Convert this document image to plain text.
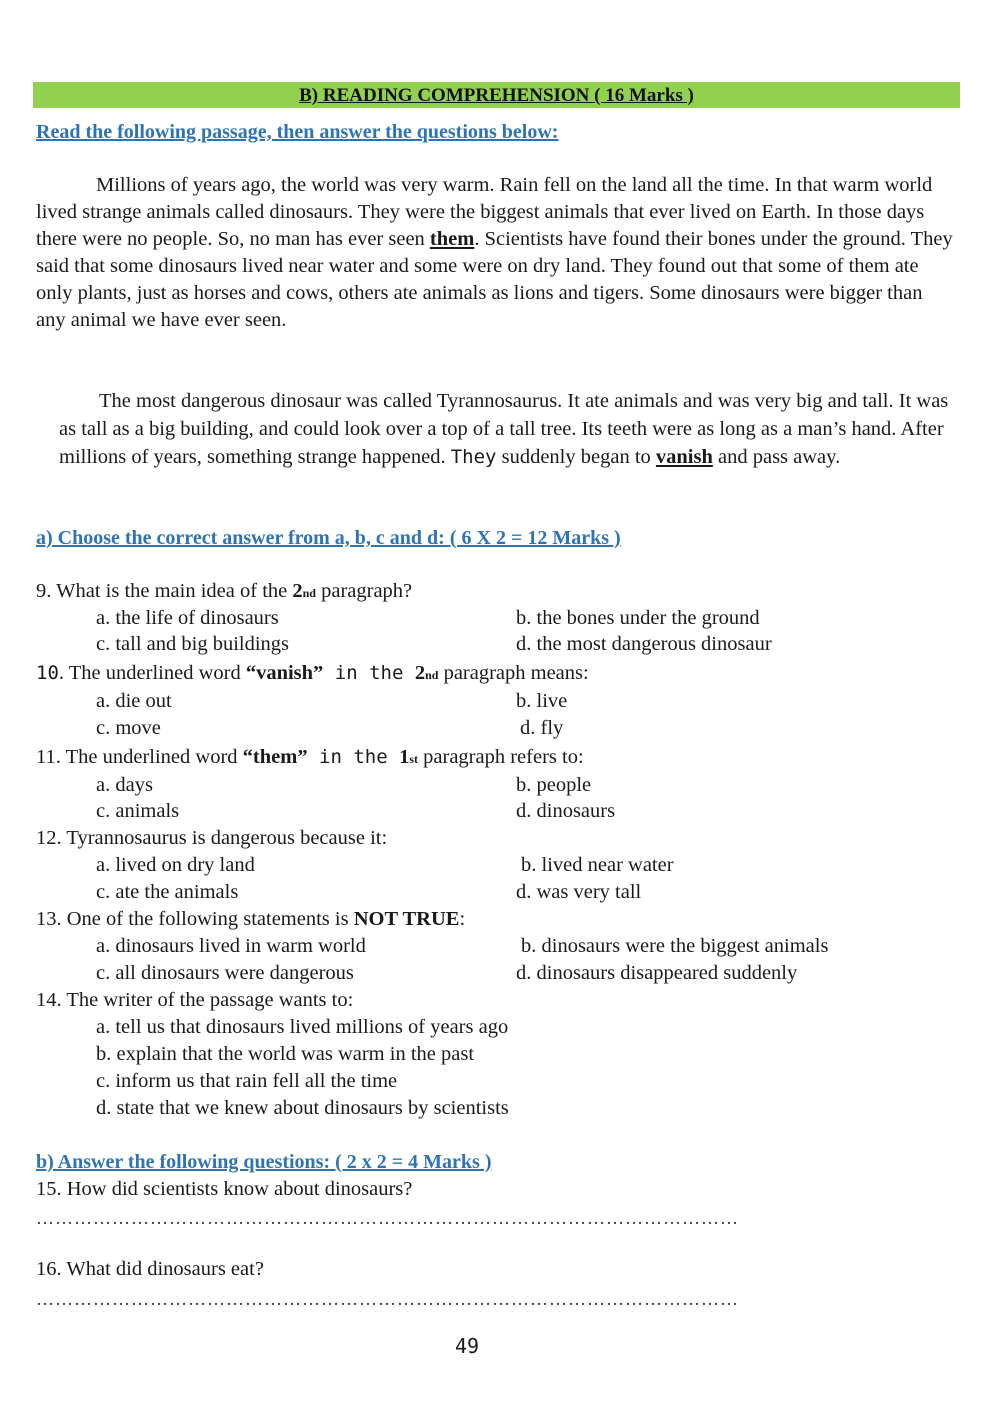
B) READING COMPREHENSION ( 16 Marks )
Read the following passage, then answer the questions below:
Millions of years ago, the world was very warm. Rain fell on the land all the time. In that warm world lived strange animals called dinosaurs. They were the biggest animals that ever lived on Earth. In those days there were no people. So, no man has ever seen them. Scientists have found their bones under the ground. They said that some dinosaurs lived near water and some were on dry land. They found out that some of them ate only plants, just as horses and cows, others ate animals as lions and tigers. Some dinosaurs were bigger than any animal we have ever seen.
The most dangerous dinosaur was called Tyrannosaurus. It ate animals and was very big and tall. It was as tall as a big building, and could look over a top of a tall tree. Its teeth were as long as a man’s hand. After millions of years, something strange happened. They suddenly began to vanish and pass away.
a) Choose the correct answer from a, b, c and d: ( 6 X 2 = 12 Marks )
9. What is the main idea of the 2nd paragraph?
a. the life of dinosaurs	b. the bones under the ground
c. tall and big buildings	d. the most dangerous dinosaur
10. The underlined word “vanish” in the 2nd paragraph means:
a. die out	b. live
c. move	d. fly
11. The underlined word “them” in the 1st paragraph refers to:
a. days	b. people
c. animals	d. dinosaurs
12. Tyrannosaurus is dangerous because it:
a. lived on dry land	b. lived near water
c. ate the animals	d. was very tall
13. One of the following statements is NOT TRUE:
a. dinosaurs lived in warm world	b. dinosaurs were the biggest animals
c. all dinosaurs were dangerous	d. dinosaurs disappeared suddenly
14. The writer of the passage wants to:
a. tell us that dinosaurs lived millions of years ago
b. explain that the world was warm in the past
c. inform us that rain fell all the time
d. state that we knew about dinosaurs by scientists
b) Answer the following questions: ( 2 x 2 = 4 Marks )
15. How did scientists know about dinosaurs?
…………………………………………………………………………………………………
16. What did dinosaurs eat?
…………………………………………………………………………………………………
49
